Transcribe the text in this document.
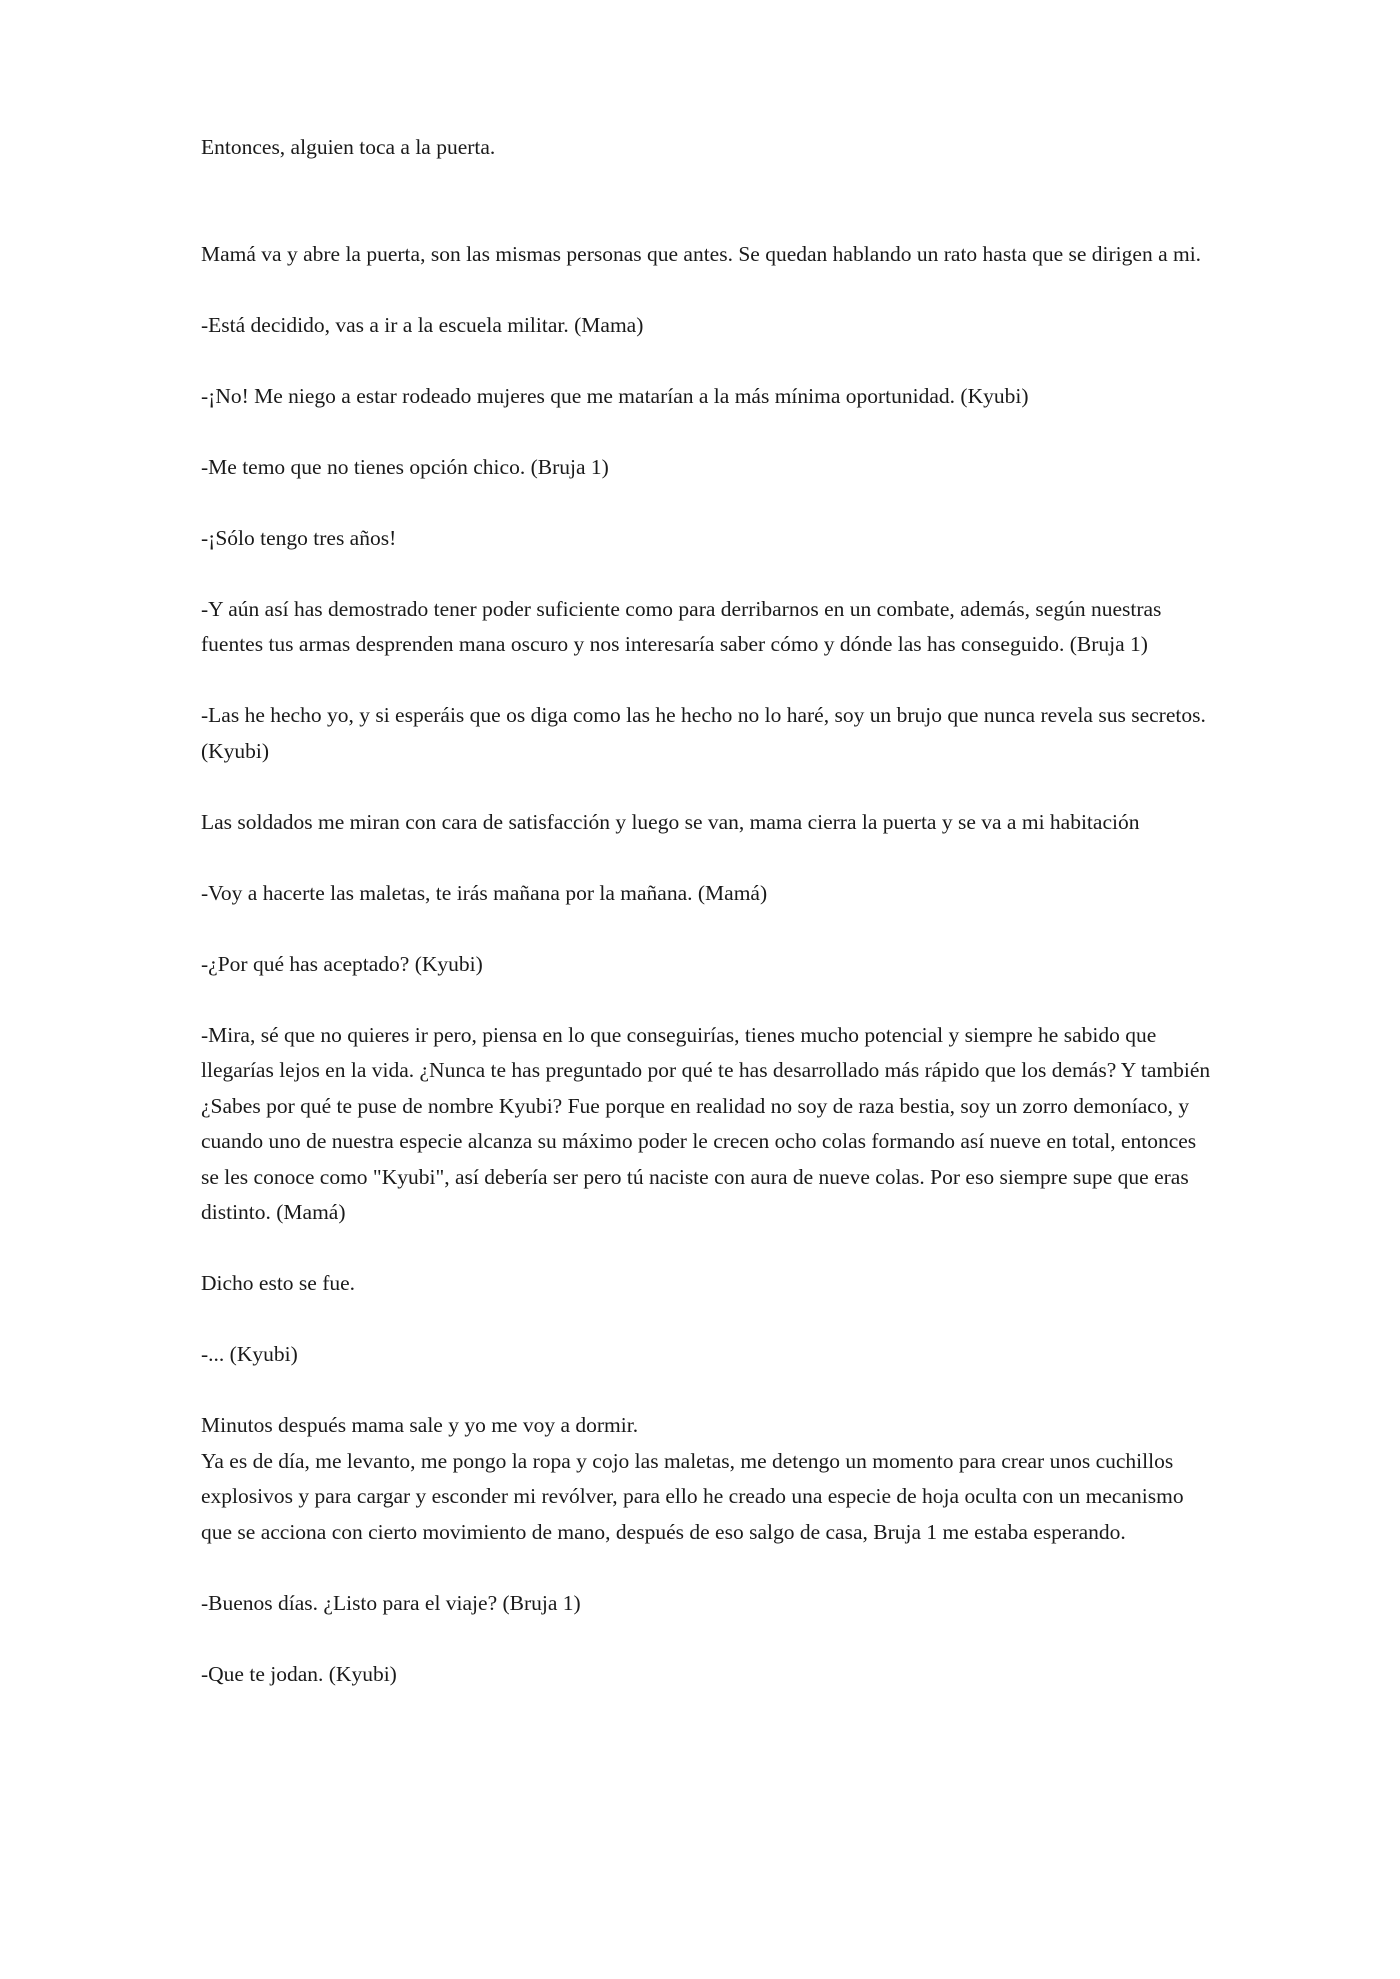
Entonces, alguien toca a la puerta.

Mamá va y abre la puerta, son las mismas personas que antes. Se quedan hablando un rato hasta que se dirigen a mi.

-Está decidido, vas a ir a la escuela militar. (Mama)

-¡No! Me niego a estar rodeado mujeres que me matarían a la más mínima oportunidad. (Kyubi)

-Me temo que no tienes opción chico. (Bruja 1)

-¡Sólo tengo tres años!

-Y aún así has demostrado tener poder suficiente como para derribarnos en un combate, además, según nuestras fuentes tus armas desprenden mana oscuro y nos interesaría saber cómo y dónde las has conseguido. (Bruja 1)

-Las he hecho yo, y si esperáis que os diga como las he hecho no lo haré, soy un brujo que nunca revela sus secretos. (Kyubi)

Las soldados me miran con cara de satisfacción y luego se van, mama cierra la puerta y se va a mi habitación

-Voy a hacerte las maletas, te irás mañana por la mañana. (Mamá)

-¿Por qué has aceptado? (Kyubi)

-Mira, sé que no quieres ir pero, piensa en lo que conseguirías, tienes mucho potencial y siempre he sabido que llegarías lejos en la vida. ¿Nunca te has preguntado por qué te has desarrollado más rápido que los demás? Y también ¿Sabes por qué te puse de nombre Kyubi? Fue porque en realidad no soy de raza bestia, soy un zorro demoníaco, y cuando uno de nuestra especie alcanza su máximo poder le crecen ocho colas formando así nueve en total, entonces se les conoce como "Kyubi", así debería ser pero tú naciste con aura de nueve colas. Por eso siempre supe que eras distinto. (Mamá)

Dicho esto se fue.

-... (Kyubi)

Minutos después mama sale y yo me voy a dormir.

Ya es de día, me levanto, me pongo la ropa y cojo las maletas, me detengo un momento para crear unos cuchillos explosivos y para cargar y esconder mi revólver, para ello he creado una especie de hoja oculta con un mecanismo que se acciona con cierto movimiento de mano, después de eso salgo de casa, Bruja 1 me estaba esperando.

-Buenos días. ¿Listo para el viaje? (Bruja 1)

-Que te jodan. (Kyubi)
